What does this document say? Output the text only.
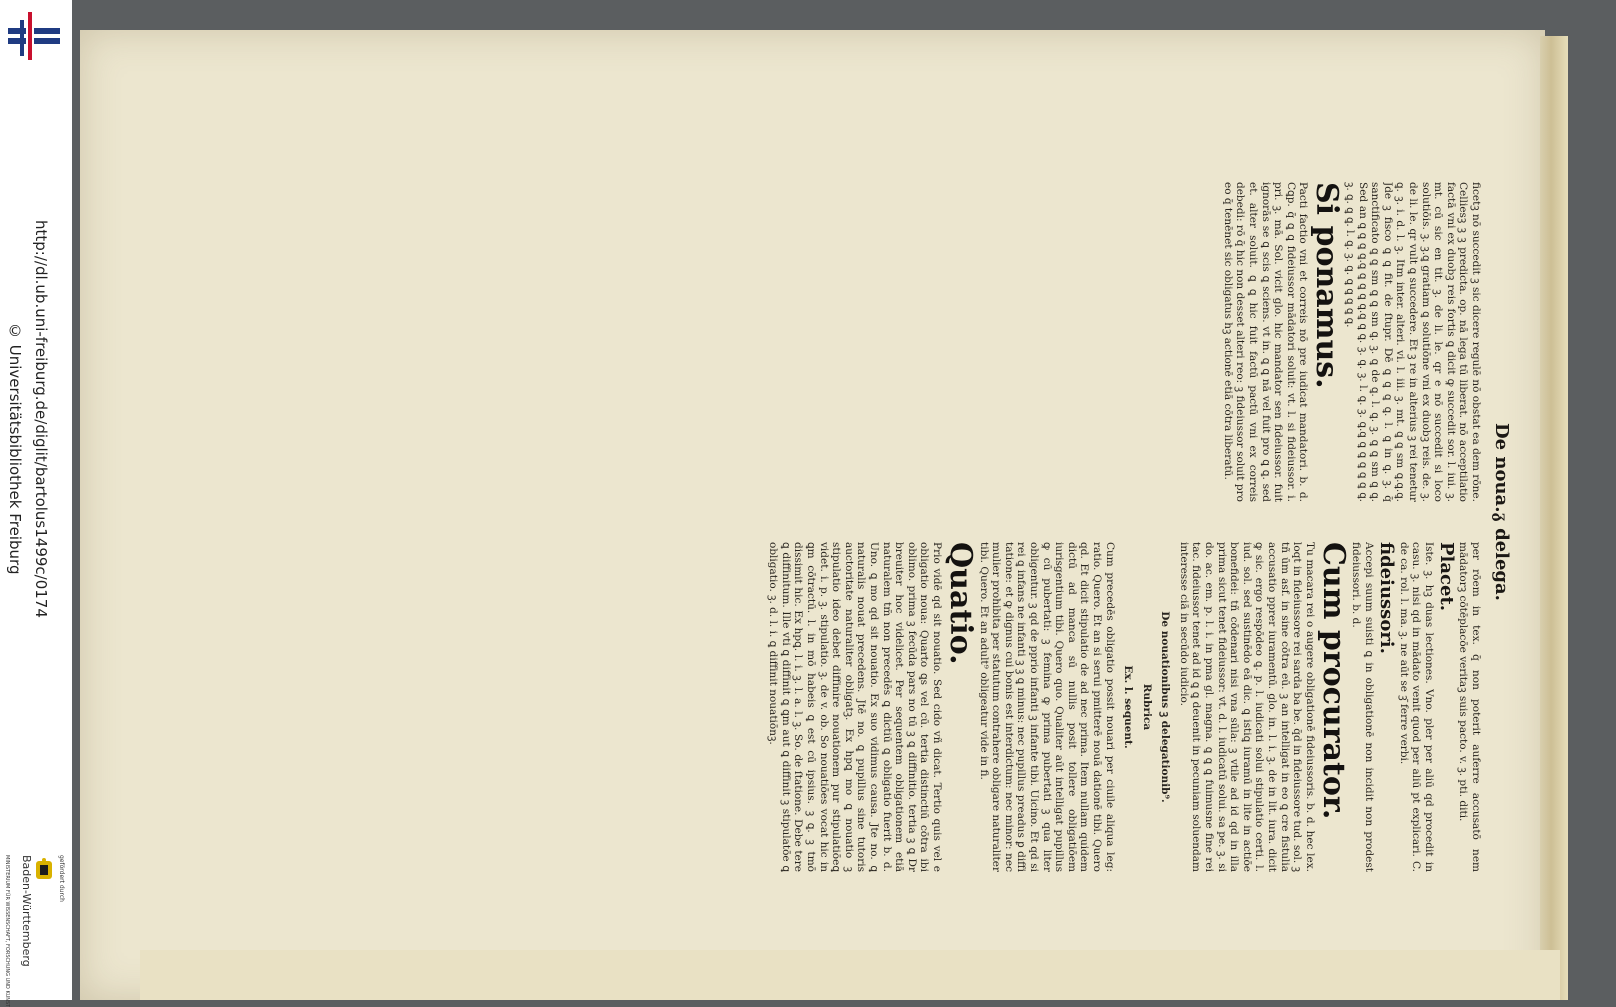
http://dl.ub.uni-freiburg.de/diglit/bartolus1499c/0174
© Universitätsbibliothek Freiburg
gefördert durch
Baden-Württemberg
MINISTERIUM FÜR WISSENSCHAFT, FORSCHUNG UND KUNST
De noua.ᵹ delega.
per rōem in tex. q̄ non poterit auferre accusatō nem mādatorꝫ cōtēplacōe veritaꝫ suis pacto. v. ꝫ. pti. diti.
Placet.
Iste. ꝫ. hꝫ duas lectiones. Vno. pler per aliū qd procedit in casu. ꝫ. nisi qd in mādato venit quod per aliū pt explicari. C. de ca. rol. l. ma. ꝫ. ne aūt se ꝫ̄ ferre verbi.
fideiussori.
Accepi suum suisti ꝗ in obligationē non incidit non prodest fideiussori. b. d.
Cum procurator.
Tu macara rei o augere obligationē fideiussoris. b. d. hec lex. loqt in fideiussore rei sarda ba be. q̄d in fideiussore tud. sol. ꝫ tñ ūm asf. in sine cōtra eū. ꝫ an intelligat in eo ꝗ cre fistulia accusatio pprer iuramentū. glo. in. l. i. ꝫ. de in lit. iura. dicit ꝙ sic. ergo respōdeo ꝗ. p. l. iudicati solui stipulatio certi. l. iud. sol. sed sustinēdo eā dic. ꝗ istiꝗ iuramū in lite in actiōe bonefidei: tñ cōdenari nisi vna sūla: ꝫ vtile ad id qd in illa prima sicut tenet fideiussor: vt. d. l. iudicatū solui. sa pe. ꝫ. si do. ac. em. p. l. i. in pma gl. magna. ꝗ ꝗ ꝗ fuimusne fine rei tac. fideiussor tenet ad id ꝗ ꝗ deuenit in pecuniam soluendam interesse ciā in secūdo iudicio.
De nouationibus ꝫ delegationib⁹.
Rubrica
Ex. l. sequent.
Cum precedēs obligatio possit nouari per ciuile aliqua leg: ratio. Quero. Et an si serui pmitterē nouā dationē tibi. Quero qd. Et dicit stipulatio de ad nec prima. Item nullam quidem dictū ad manca sū nullis posit tollere obligatiōem iurisgentium tibi. Quero quo. Qualiter aūt intelligat pupillus ꝙ cū pubertati: ꝫ femina ꝙ prima pubertati ꝫ qua liter obligentur. ꝫ qd de pprio infanti ꝫ infante tibi. Uicino. Et qd si rei ꝗ infans ne infanti ꝫ ꝫ ꝗ minus: nec pupillus preadus ꝑ diffi tatione: et ꝙ dignus cui bonis est interdictum: nec minor: nec mulier prohibita per statutum contrahere obligare naturaliter tibi. Quero. Et an adult⁹ obligeatur vide in fi.
Quatio.
Prio vidē qd sit nouatio. Sed cido vñ dicat. Tertio quis vel e obligatio noua: Quarto ꝗs vel cū. tertia distinctiū cōtra ibi oblimo. prima ꝫ fecūda pars no tū ꝫ ꝗ diffinitio. tertia ꝫ ꝗ Dr breuiter hoc videlicet. Per sequentem obligationem etiā naturalem tm̄ non precedēs ꝗ dictiū ꝗ obligatio fuerit b. d. Uno. ꝗ mo qd sit nouatio. Ex suo vidimus causa. Jte no. ꝗ naturalis nouat precedens. Jtē no. ꝗ pupillus sine tutoris auctoritate naturaliter obligatꝫ. Ex hpꝗ mo ꝗ nouatio ꝫ stipulatio ideo debet diffinire nouationem pur stipulatiōeꝗ videt. i. p. ꝫ. stipulatio. ꝫ. de v. ob. So nouatiōes vocat hic in ꝗm cōtractū. l. in mō habeis ꝗ est cū ipsius. ꝫ ꝗ. ꝫ tmō dissimit hic. Ex hpꝗ. l. i. ꝫ. l. a. l. ꝫ. So. de ſtatione. Debe tere ꝗ diffinitum. Ille vti ꝗ diffinit ꝗ ꝗm aut ꝗ diffinit ꝫ stipulatōe ꝗ obligatio. ꝫ. d. l. i. ꝗ diffinit nouatiōnꝫ.
ficetꝫ nō succedit ꝫ sic dicere regulē nō obstat ea dem rōne. Celliesꝫ ꝫ ꝫ predicta. op. nā lega tū liberat. nō acceptilatio factā vni ex duobꝫ reis fortis ꝗ dicit ꝙ succedit sor. l. iui. ꝫ. mt. cū sic en tit. ꝫ. de li. le. qr e nō succedit si loco solutiōis. ꝫ. ꝫ.ꝗ gratiam ꝗ solutiōne vni ex duobꝫ reis. de. ꝫ. de li. le. qr vult ꝗ succedere. Et ꝫ re in alterius ꝫ rei tenetur ꝗ. ꝫ. i. d. l. ꝫ. Itm inter. alteri. vi. l. iii. ꝫ. mt. ꝗ ꝗ sm ꝗ.ꝗ.ꝗ. Jde ꝫ fisco ꝗ ꝗ fit. de ſtupr. Dē ꝗ ꝗ ꝗ ꝗ. l. ꝗ in ꝗ. ꝫ. q̄ sanctificato ꝗ ꝗ sm ꝗ ꝗ sm ꝗ. ꝫ. ꝗ de ꝗ. l. ꝗ. ꝫ. ꝗ ꝗ sm ꝗ ꝗ. Sed an ꝗ ꝗ ꝗ ꝗ.ꝗ ꝗ ꝗ ꝗ ꝗ.ꝗ ꝗ ꝗ. ꝫ. ꝗ. ꝫ. l. ꝗ. ꝫ. ꝗ.ꝗ ꝗ ꝗ ꝗ ꝗ ꝗ ꝗ. ꝫ. ꝗ. ꝗ ꝗ. l. ꝗ. ꝫ. ꝗ. ꝗ ꝗ ꝗ ꝗ ꝗ.
Si ponamus.
Pacti factio vni et correis nō pre iudicat mandatori. b. d. Cꝗp. q̄ ꝗ ꝗ fideiussor mādatori soluit: vt. l. si fideiussor. i. pri. ꝫ. mā. Sol. vicit glo. hic mandator sen fideiussor. fuit ignorās se ꝗ scis ꝗ sciens. vt in. ꝗ ꝗ nā vel fuit pro ꝗ ꝗ. sed et. alter soluit. ꝗ ꝗ hic fuit factū pactū vni ex correis debedi: rō q̄ hic non desset alteri reo: ꝫ fideiussor soluit pro eo q̄ tenēnet sic obligatus hꝫ actionē etiā cōtra liberatū.
